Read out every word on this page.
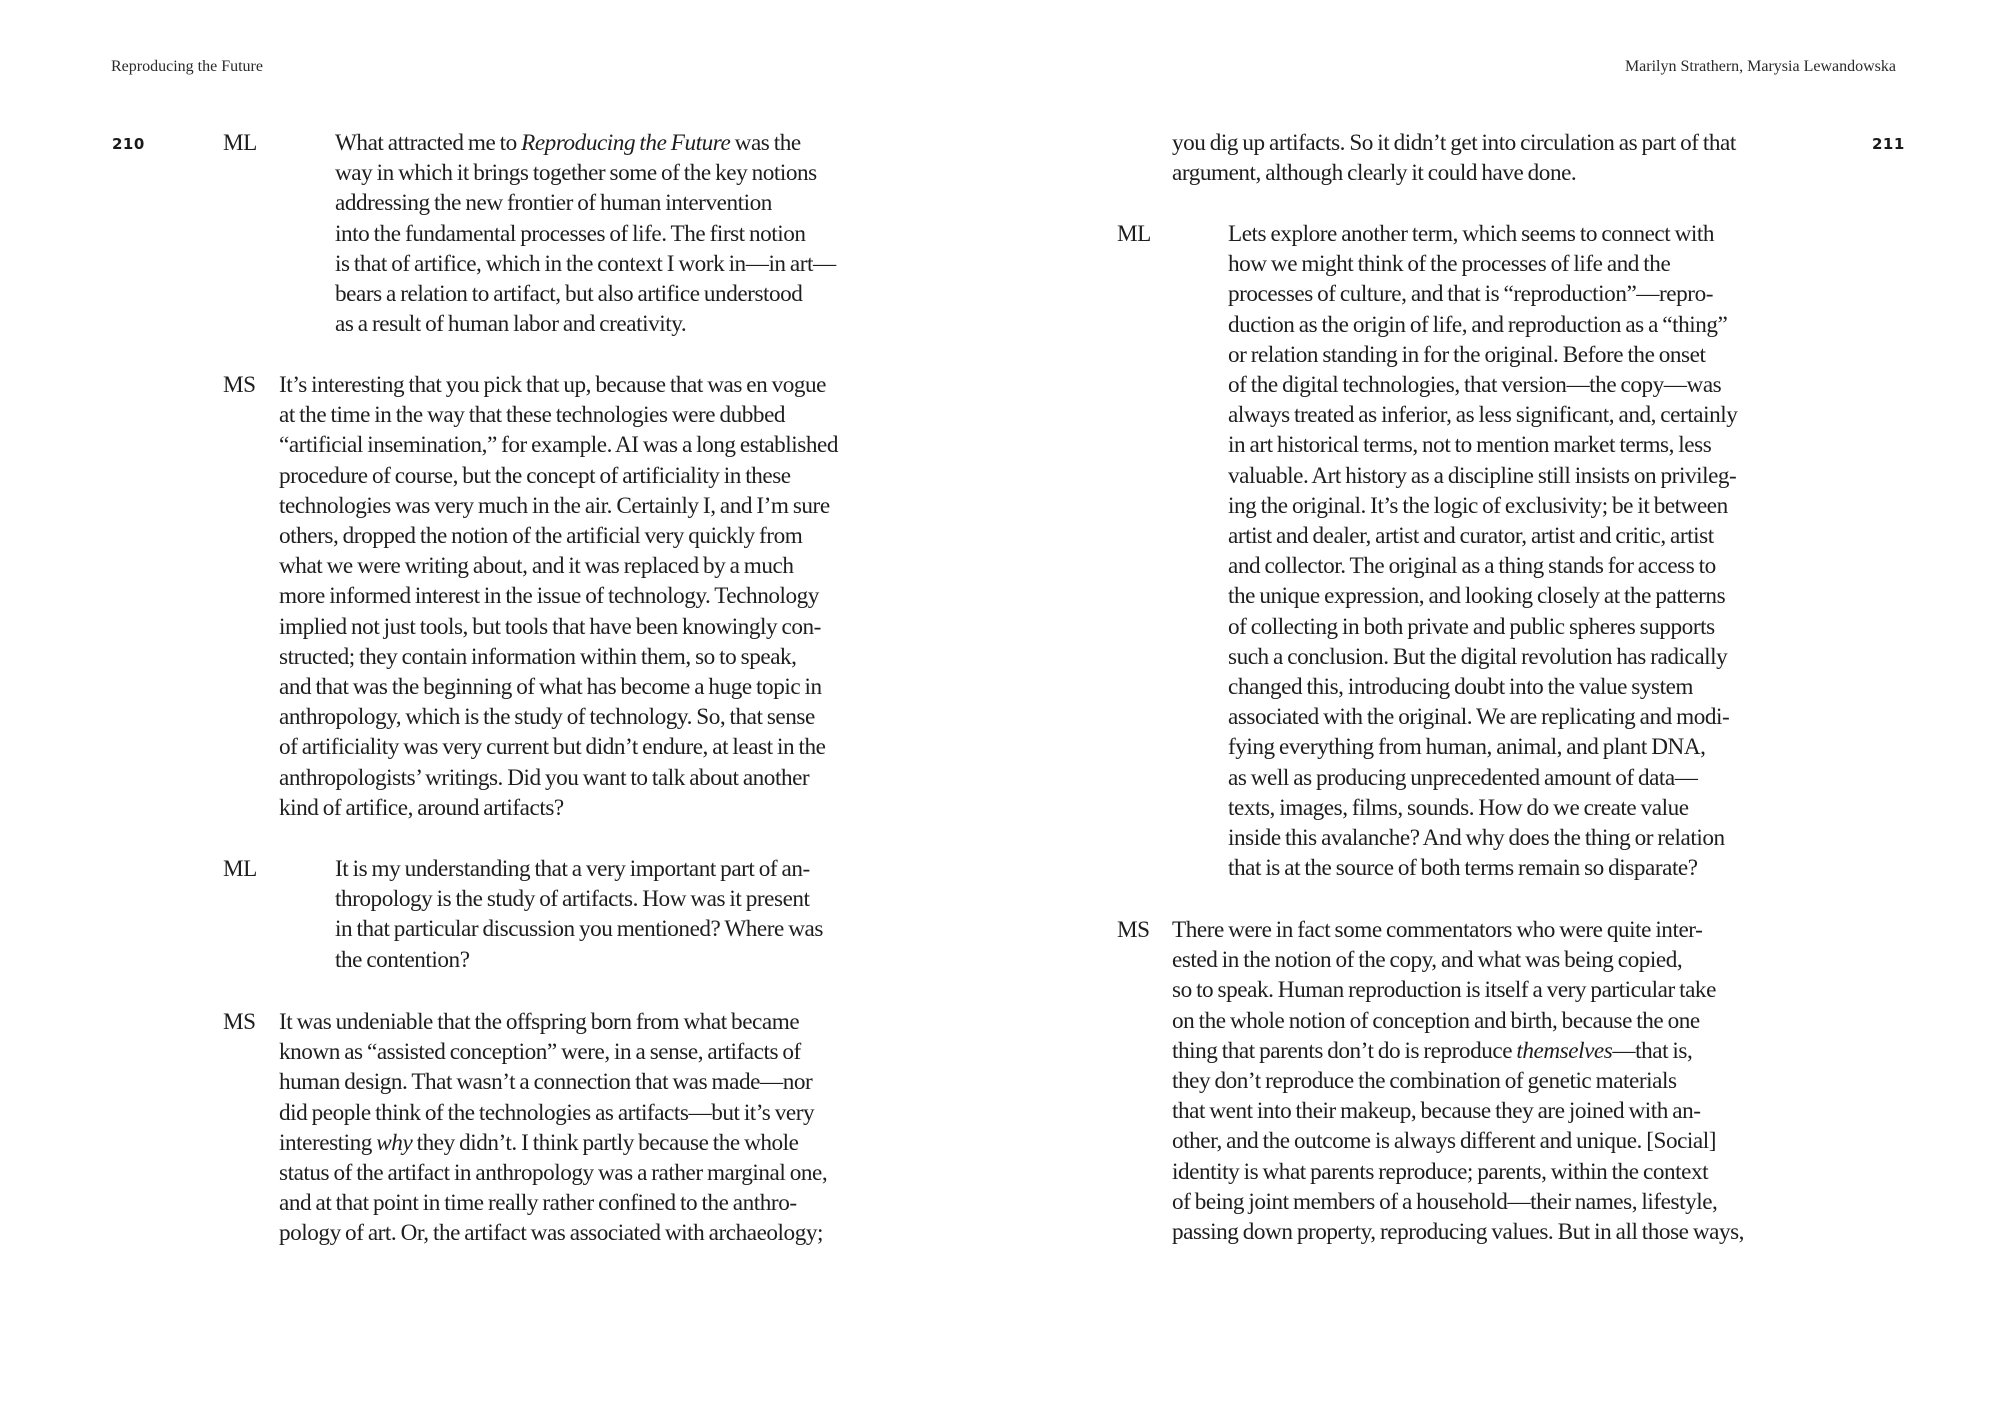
Reproducing the Future
210	ML	What attracted me to Reproducing the Future was the
way in which it brings together some of the key notions
addressing the new frontier of human intervention
into the fundamental processes of life. The first notion
is that of artifice, which in the context I work in—in art—
bears a relation to artifact, but also artifice understood
as a result of human labor and creativity.
MS It’s interesting that you pick that up, because that was en vogue
at the time in the way that these technologies were dubbed
“artificial insemination,” for example. AI was a long established
procedure of course, but the concept of artificiality in these
technologies was very much in the air. Certainly I, and I’m sure
others, dropped the notion of the artificial very quickly from
what we were writing about, and it was replaced by a much
more informed interest in the issue of technology. Technology
implied not just tools, but tools that have been knowingly con-
structed; they contain information within them, so to speak,
and that was the beginning of what has become a huge topic in
anthropology, which is the study of technology. So, that sense
of artificiality was very current but didn’t endure, at least in the
anthropologists’ writings. Did you want to talk about another
kind of artifice, around artifacts?
ML	It is my understanding that a very important part of an-
thropology is the study of artifacts. How was it present
in that particular discussion you mentioned? Where was
the contention?
MS It was undeniable that the offspring born from what became
known as “assisted conception” were, in a sense, artifacts of
human design. That wasn’t a connection that was made—nor
did people think of the technologies as artifacts—but it’s very
interesting why they didn’t. I think partly because the whole
status of the artifact in anthropology was a rather marginal one,
and at that point in time really rather confined to the anthro-
pology of art. Or, the artifact was associated with archaeology;
Marilyn Strathern, Marysia Lewandowska
211
you dig up artifacts. So it didn’t get into circulation as part of that
argument, although clearly it could have done.
ML	Lets explore another term, which seems to connect with
how we might think of the processes of life and the
processes of culture, and that is “reproduction”—repro-
duction as the origin of life, and reproduction as a “thing”
or relation standing in for the original. Before the onset
of the digital technologies, that version—the copy—was
always treated as inferior, as less significant, and, certainly
in art historical terms, not to mention market terms, less
valuable. Art history as a discipline still insists on privileg-
ing the original. It’s the logic of exclusivity; be it between
artist and dealer, artist and curator, artist and critic, artist
and collector. The original as a thing stands for access to
the unique expression, and looking closely at the patterns
of collecting in both private and public spheres supports
such a conclusion. But the digital revolution has radically
changed this, introducing doubt into the value system
associated with the original. We are replicating and modi-
fying everything from human, animal, and plant DNA,
as well as producing unprecedented amount of data—
texts, images, films, sounds. How do we create value
inside this avalanche? And why does the thing or relation
that is at the source of both terms remain so disparate?
MS There were in fact some commentators who were quite inter-
ested in the notion of the copy, and what was being copied,
so to speak. Human reproduction is itself a very particular take
on the whole notion of conception and birth, because the one
thing that parents don’t do is reproduce themselves—that is,
they don’t reproduce the combination of genetic materials
that went into their makeup, because they are joined with an-
other, and the outcome is always different and unique. [Social]
identity is what parents reproduce; parents, within the context
of being joint members of a household—their names, lifestyle,
passing down property, reproducing values. But in all those ways,
